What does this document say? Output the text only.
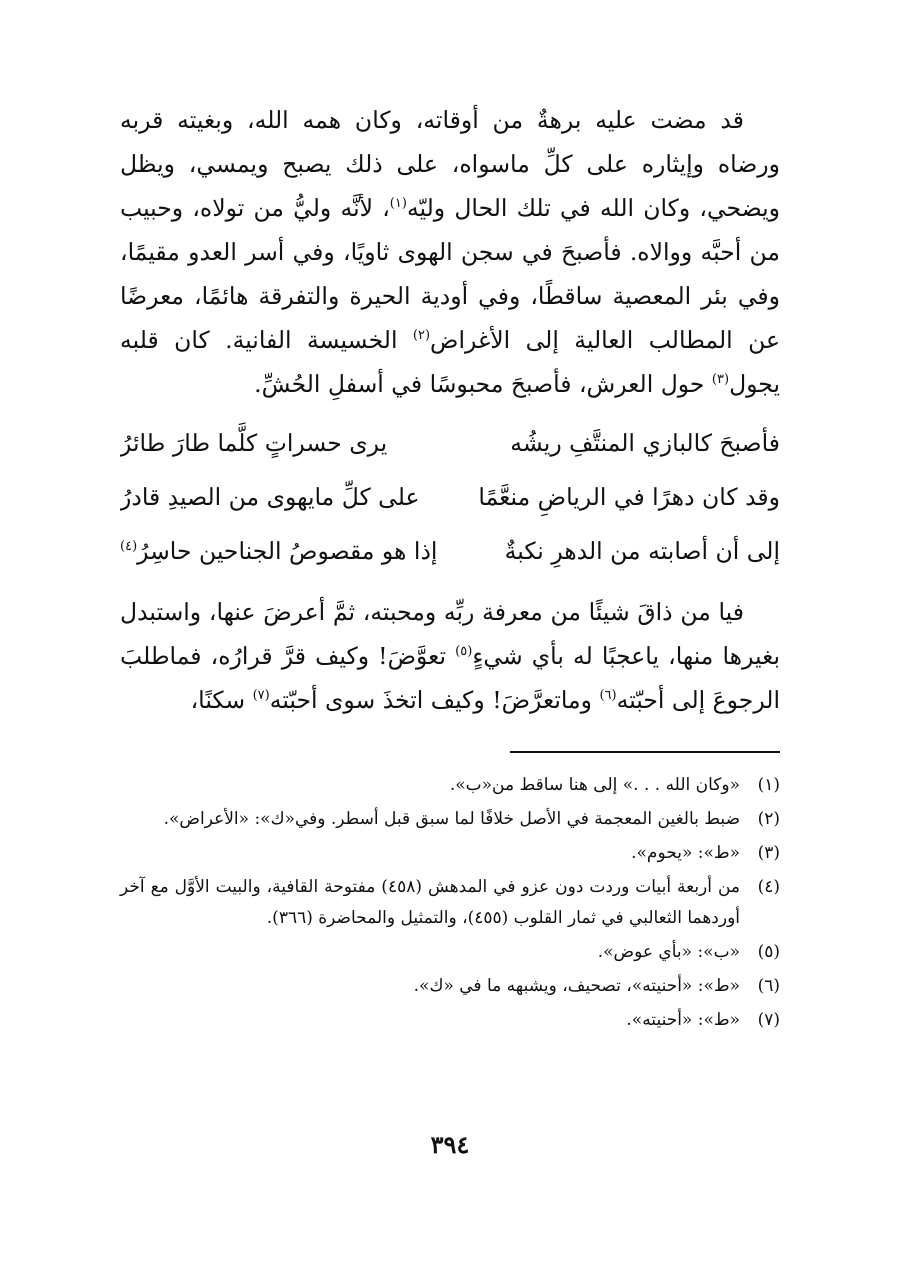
قد مضت عليه برهةٌ من أوقاته، وكان همه الله، وبغيته قربه ورضاه وإيثاره على كلِّ ماسواه، على ذلك يصبح ويمسي، ويظل ويضحي، وكان الله في تلك الحال وليّه$^{(١)}$، لأنَّه وليُّ من تولاه، وحبيب من أحبَّه ووالاه. فأصبحَ في سجن الهوى ثاويًا، وفي أسر العدو مقيمًا، وفي بئر المعصية ساقطًا، وفي أودية الحيرة والتفرقة هائمًا، معرضًا عن المطالب العالية إلى الأغراض$^{(٢)}$ الخسيسة الفانية. كان قلبه يجول$^{(٣)}$ حول العرش، فأصبحَ محبوسًا في أسفلِ الحُشِّ.

فأصبحَ كالبازي المنتَّفِ ريشُه
يرى حسراتٍ كلَّما طارَ طائرُ
وقد كان دهرًا في الرياضِ منعَّمًا
على كلِّ مايهوى من الصيدِ قادرُ
إلى أن أصابته من الدهرِ نكبةٌ
إذا هو مقصوصُ الجناحين حاسِرُ$^{(٤)}$

فيا من ذاقَ شيئًا من معرفة ربِّه ومحبته، ثمَّ أعرضَ عنها، واستبدل بغيرها منها، ياعجبًا له بأي شيءٍ$^{(٥)}$ تعوَّضَ! وكيف قرَّ قرارُه، فماطلبَ الرجوعَ إلى أحبّته$^{(٦)}$ وماتعرَّضَ! وكيف اتخذَ سوى أحبّته$^{(٧)}$ سكنًا،

(١)
«وكان الله . . .» إلى هنا ساقط من«ب».
(٢)
ضبط بالغين المعجمة في الأصل خلافًا لما سبق قبل أسطر. وفي«ك»: «الأعراض».
(٣)
«ط»: «يحوم».
(٤)
من أربعة أبيات وردت دون عزو في المدهش (٤٥٨) مفتوحة القافية، والبيت الأوَّل مع آخر أوردهما الثعالبي في ثمار القلوب (٤٥٥)، والتمثيل والمحاضرة (٣٦٦).
(٥)
«ب»: «بأي عوض».
(٦)
«ط»: «أحنيته»، تصحيف، ويشبهه ما في «ك».
(٧)
«ط»: «أحنيته».
٣٩٤
